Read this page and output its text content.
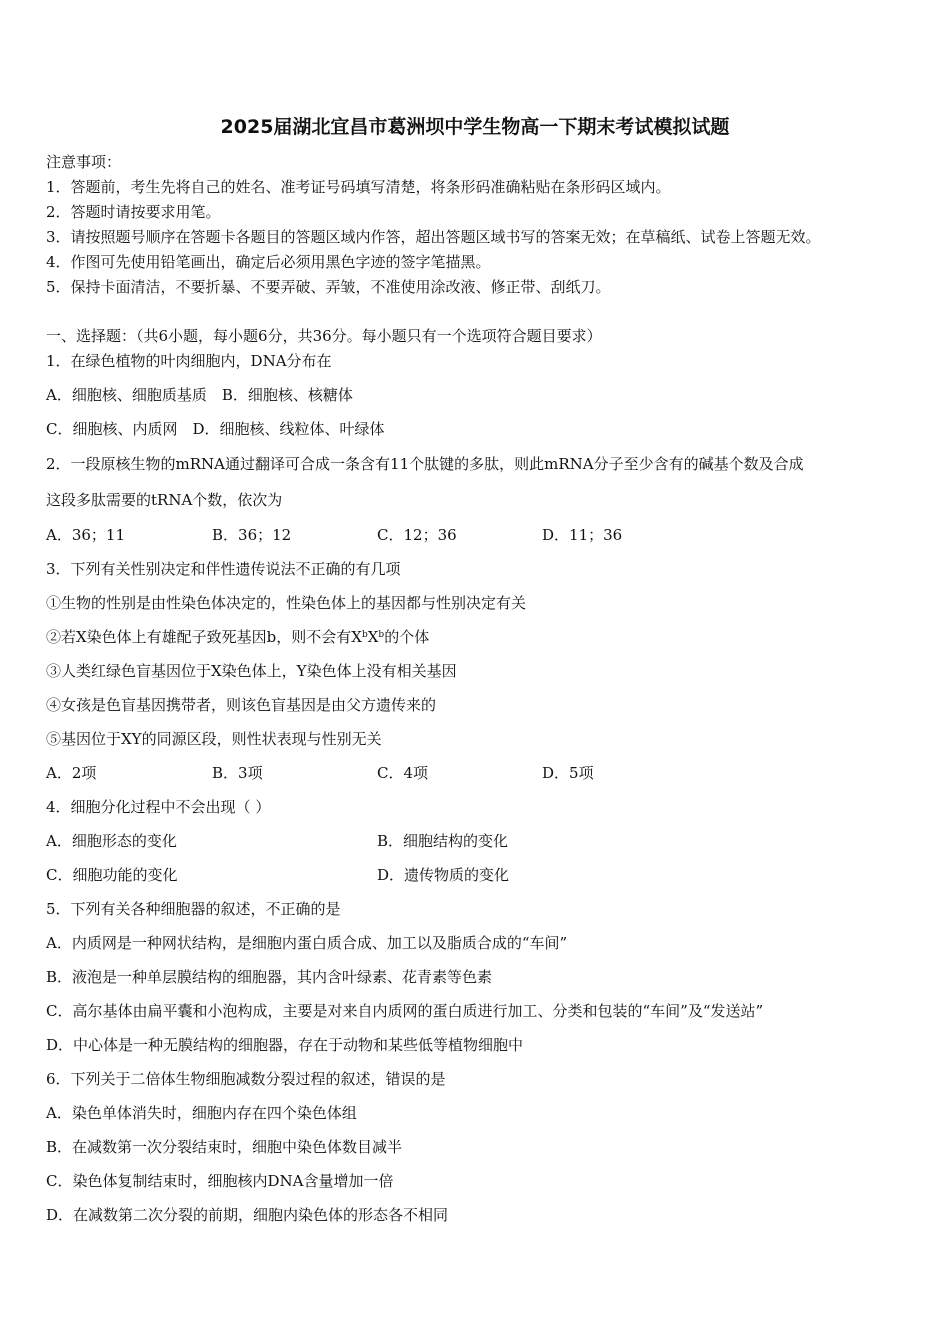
2025届湖北宜昌市葛洲坝中学生物高一下期末考试模拟试题
注意事项：
1．答题前，考生先将自己的姓名、准考证号码填写清楚，将条形码准确粘贴在条形码区域内。
2．答题时请按要求用笔。
3．请按照题号顺序在答题卡各题目的答题区域内作答，超出答题区域书写的答案无效；在草稿纸、试卷上答题无效。
4．作图可先使用铅笔画出，确定后必须用黑色字迹的签字笔描黑。
5．保持卡面清洁，不要折暴、不要弄破、弄皱，不准使用涂改液、修正带、刮纸刀。
一、选择题：（共6小题，每小题6分，共36分。每小题只有一个选项符合题目要求）
1．在绿色植物的叶肉细胞内，DNA分布在
A．细胞核、细胞质基质　B．细胞核、核糖体
C．细胞核、内质网　D．细胞核、线粒体、叶绿体
2．一段原核生物的mRNA通过翻译可合成一条含有11个肽键的多肽，则此mRNA分子至少含有的碱基个数及合成
这段多肽需要的tRNA个数，依次为
A．36；11	B．36；12	C．12；36	D．11；36
3．下列有关性别决定和伴性遗传说法不正确的有几项
①生物的性别是由性染色体决定的，性染色体上的基因都与性别决定有关
②若X染色体上有雄配子致死基因b，则不会有$X^bX^b$的个体
③人类红绿色盲基因位于X染色体上，Y染色体上没有相关基因
④女孩是色盲基因携带者，则该色盲基因是由父方遗传来的
⑤基因位于XY的同源区段，则性状表现与性别无关
A．2项	B．3项	C．4项	D．5项
4．细胞分化过程中不会出现（ ）
A．细胞形态的变化	B．细胞结构的变化
C．细胞功能的变化	D．遗传物质的变化
5．下列有关各种细胞器的叙述，不正确的是
A．内质网是一种网状结构，是细胞内蛋白质合成、加工以及脂质合成的“车间”
B．液泡是一种单层膜结构的细胞器，其内含叶绿素、花青素等色素
C．高尔基体由扁平囊和小泡构成，主要是对来自内质网的蛋白质进行加工、分类和包装的“车间”及“发送站”
D．中心体是一种无膜结构的细胞器，存在于动物和某些低等植物细胞中
6．下列关于二倍体生物细胞减数分裂过程的叙述，错误的是
A．染色单体消失时，细胞内存在四个染色体组
B．在减数第一次分裂结束时，细胞中染色体数目减半
C．染色体复制结束时，细胞核内DNA含量增加一倍
D．在减数第二次分裂的前期，细胞内染色体的形态各不相同
